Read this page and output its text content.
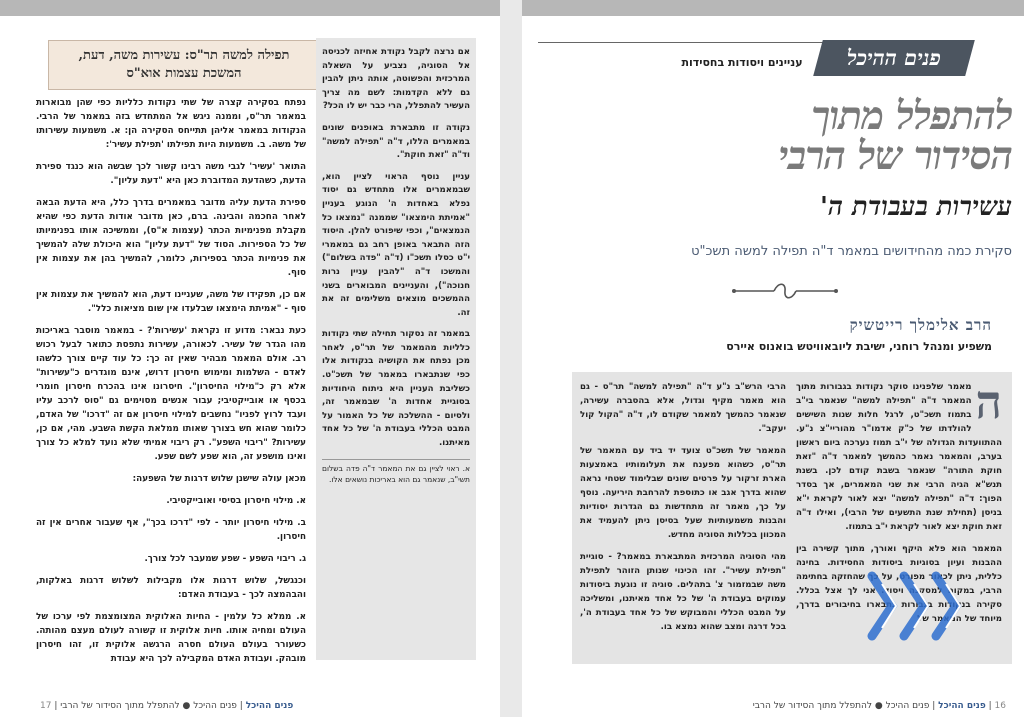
תפילה למשה תר"ס: עשירות משה, דעת, המשכת עצמות אוא"ס

אם נרצה לקבל נקודת אחיזה לכניסה אל הסוגיה, נצביע על השאלה המרכזית והפשוטה, אותה ניתן להבין גם ללא הקדמות: לשם מה צריך העשיר להתפלל, הרי כבר יש לו הכל?

נקודה זו מתבארת באופנים שונים במאמרים הללו, ד"ה "תפילה למשה" וד"ה "זאת חוקת".

עניין נוסף הראוי לציין הוא, שבמאמרים אלו מתחדש גם יסוד נפלא באחדות ה' הנוגע בעניין "אמיתת הימצאו" שממנה "נמצאו כל הנמצאים", וכפי שיפורט להלן. היסוד הזה התבאר באופן רחב גם במאמרי י"ט כסלו תשכ"ו (ד"ה "פדה בשלום") והמשכו ד"ה "להבין עניין נרות חנוכה"), והעניינים המבוארים בשני ההמשכים מוצאים משלימים זה את זה.

במאמר זה נסקור תחילה שתי נקודות כלליות מהמאמר של תר"ס, לאחר מכן נפתח את הקושיה בנקודות אלו כפי שנתבארו במאמר של תשכ"ט. כשליבת העניין היא ניתוח היחודיות בסוגיית אחדות ה' שבמאמר זה, ולסיום - ההשלכה של כל האמור על המבט הכללי בעבודת ה' של כל אחד מאיתנו.

א. ראוי לציין גם את המאמר ד"ה פדה בשלום תשי"ב, שנאמר גם הוא באריכות נושאים אלו.

נפתח בסקירה קצרה של שתי נקודות כלליות כפי שהן מבוארות במאמר תר"ס, וממנה ניגש אל המתחדש בזה במאמר של הרבי. הנקודות במאמר אליהן תתייחס הסקירה הן: א. משמעות עשירותו של משה. ב. משמעות היות תפילתו 'תפילת עשיר':

התואר 'עשיר' לגבי משה רבינו קשור לכך שבשה הוא כנגד ספירת הדעת, כשהדעת המדוברת כאן היא "דעת עליון".

ספירת הדעת עליה מדובר במאמרים בדרך כלל, היא הדעת הבאה לאחר החכמה והבינה. ברם, כאן מדובר אודות הדעת כפי שהיא מקבלת מפנימיות הכתר (עצמות א"ס), וממשיכה אותו בפנימיותו של כל הספירות. הסוד של "דעת עליון" הוא היכולת שלה להמשיך את פנימיות הכתר בספירות, כלומר, להמשיך בהן את עצמות אין סוף.

אם כן, תפקידו של משה, שעניינו דעת, הוא להמשיך את עצמות אין סוף - "אמיתת הימצאו שבלעדו אין שום מציאות כלל".

כעת נבאר: מדוע זו נקראת 'עשירות'? - במאמר מוסבר באריכות מהו הגדר של עשיר. לכאורה, עשירות נתפסת כתואר לבעל רכוש רב. אולם המאמר מבהיר שאין זה כך: כל עוד קיים צורך כלשהו לאדם - השלמות ומימוש חיסרון דרוש, אינם מוגדרים כ"עשירות" אלא רק כ"מילוי החיסרון". חיסרונו אינו בהכרח חיסרון חומרי בכסף או אובייקטיבי; עבור אנשים מסוימים גם "סוס לרכב עליו ועבד לרוץ לפניו" נחשבים למילוי חיסרון אם זה "דרכו" של האדם, כלומר שהוא חש בצורך שאותו ממלאת הקשת השבע. מהי, אם כן, עשירות? "ריבוי השפע". רק ריבוי אמיתי שלא נועד למלא כל צורך ואינו מושפע זה, הוא שפע לשם שפע.

מכאן עולה שישנן שלוש דרגות של השפעה:

א. מילוי חיסרון בסיסי ואובייקטיבי.

ב. מילוי חיסרון יותר - לפי "דרכו בכך", אף שעבור אחרים אין זה חיסרון.

ג. ריבוי השפע - שפע שמעבר לכל צורך.

וכנגשל, שלוש דרגות אלו מקבילות לשלוש דרגות באלקות, והבהמצה לכך - בעבודת האדם:

א. ממלא כל עלמין - החיות האלוקית המצומצמת לפי ערכו של העולם ומחיה אותו. חיות אלוקית זו קשורה לעולם מעצם מהותה. כשעורר בעולם העולם חסרה הרגשה אלוקית זו, זהו חיסרון מובהק. ועבודת האדם המקבילה לכך היא עבודת

17 |	פנים ההיכל | פנים ההיכל ● להתפלל מתוך הסידור של הרבי
פנים ההיכל
עניינים ויסודות בחסידות
להתפלל מתוך
הסידור של הרבי
עשירות בעבודת ה'
סקירת כמה מהחידושים במאמר ד"ה תפילה למשה תשכ"ט
הרב אלימלך רייטשיק
משפיע ומנהל רוחני, ישיבת ליובאוויטש בואנוס איירס
ה

מאמר שלפנינו סוקר נקודות בגבורות מתוך המאמר ד"ה "תפילה למשה" שנאמר בי"ב בתמוז תשכ"ט, לרגל חלות שנות השישים להולדתו של כ"ק אדמו"ר מהוריי"צ נ"ע. ההתוועדות הגדולה של י"ב תמוז נערכה ביום ראשון בערב, והמאמר נאמר כהמשך למאמר ד"ה "זאת חוקת התורה" שנאמר בשבת קודם לכן. בשנת תנש"א הגיה הרבי את שני המאמרים, אך בסדר הפוך: ד"ה "תפילה למשה" יצא לאור לקראת י"א בניסן (תחילת שנת התשעים של הרבי), ואילו ד"ה זאת חוקת יצא לאור לקראת י"ב בתמוז.

המאמר הוא פלא היקף ואורך, מתוך קשירה בין ההבנות ועיון בסוגיות ביסודות החסידות. בחינה כללית, ניתן לכאור מפורט, על כך שהחזקה בחתימה הרבי, במקום למסקנה ויסוד. אני לך אצל בכלל. סקירה בנקודות בגבורות נתבארו בחיבורים בדרך, מיוחד של המאמר של

הרבי הרש"ב נ"ע ד"ה "תפילה למשה" תר"ס - גם הוא מאמר מקיף וגדול, אלא בהסברה עשירה, שנאמר כהמשך למאמר שקודם לו, ד"ה "הקול קול יעקב".

המאמר של תשכ"ט צועד יד ביד עם המאמר של תר"ס, כשהוא מפענח את תעלומותיו באמצעות הארת זרקור על פרטים שונים שבלימוד שטחי נראה שהוא בדרך אגב או כתוספת להרחבת היריעה. נוסף על כך, מאמר זה מתחדשות גם הגדרות יסודיות והבנות משמעותיות שעל בסיסן ניתן להעמיד את המכוון בכללות הסוגיה מחדש.

מהי הסוגיה המרכזית המתבארת במאמר? - סוגיית "תפילת עשיר". זהו הכינוי שנותן הזוהר לתפילת משה שבמזמור צ' בתהלים. סוגיה זו נוגעת ביסודות עמוקים בעבודת ה' של כל אחד מאיתנו, ומשליכה על המבט הכללי והמבוקש של כל אחד בעבודת ה', בכל דרגה ומצב שהוא נמצא בו.

16 | פנים ההיכל | פנים ההיכל ● להתפלל מתוך הסידור של הרבי
